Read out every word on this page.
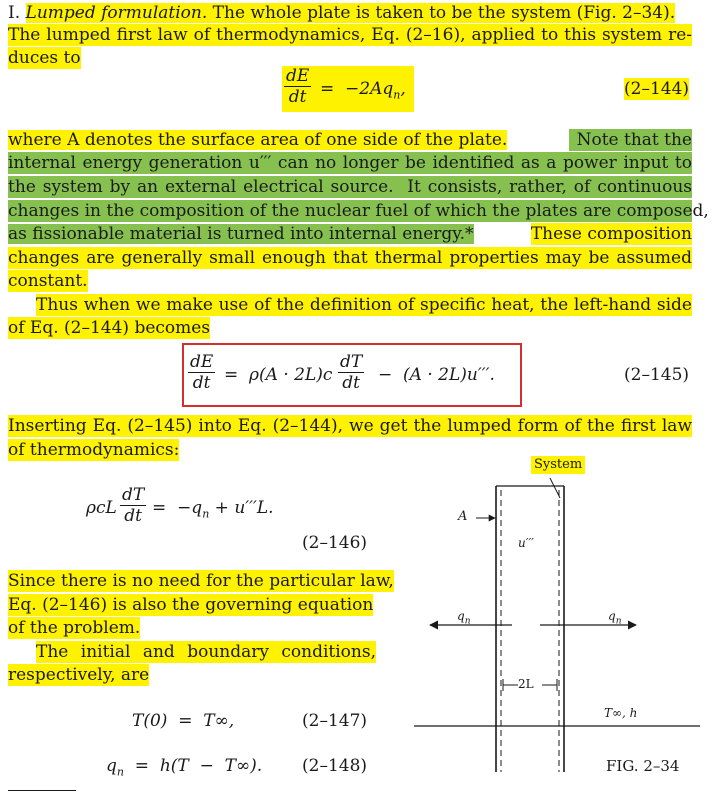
I. Lumped formulation. The whole plate is taken to be the system (Fig. 2–34).
The lumped first law of thermodynamics, Eq. (2–16), applied to this system re-
duces to
$\frac{dE}{dt} = -2Aq_n$,	(2–144)
where A denotes the surface area of one side of the plate.	Note that the
internal energy generation u′′′ can no longer be identified as a power input to
the system by an external electrical source.  It consists, rather, of continuous
changes in the composition of the nuclear fuel of which the plates are composed,
as fissionable material is turned into internal energy.*	These composition
changes are generally small enough that thermal properties may be assumed
constant.
Thus when we make use of the definition of specific heat, the left-hand side
of Eq. (2–144) becomes
$\frac{dE}{dt} = \rho(A \cdot 2L)c \frac{dT}{dt} - (A \cdot 2L)u'''$.	(2–145)
Inserting Eq. (2–145) into Eq. (2–144), we get the lumped form of the first law
of thermodynamics:
ρcL $\frac{dT}{dt} = -q_n + u'''L$.
(2–146)
Since there is no need for the particular law,
Eq. (2–146) is also the governing equation
of the problem.
The initial and boundary conditions,
respectively, are
T(0)  =  T∞,	(2–147)
$q_n = h(T - T\infty)$. (2–148)
System
A
u′′′
$q_n$	$q_n$
2L
T∞, h
FIG. 2–34
